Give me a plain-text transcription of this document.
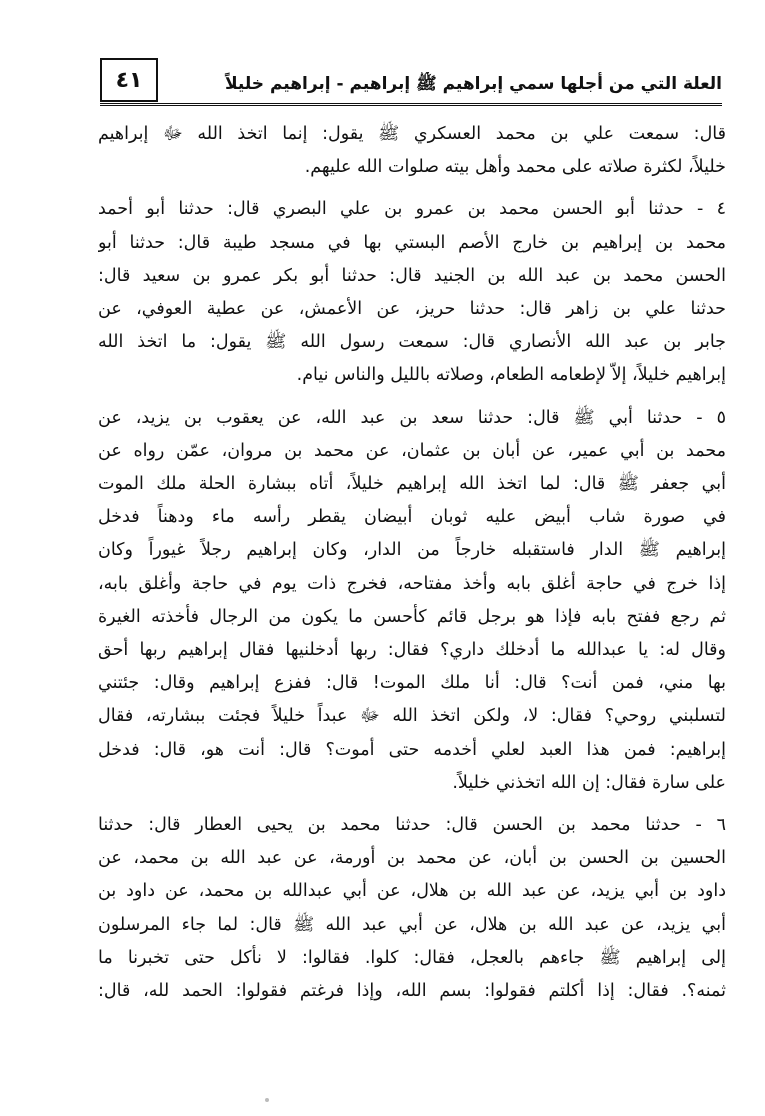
العلة التي من أجلها سمي إبراهيم ﷺ إبراهيم - إبراهيم خليلاً
٤١

قال: سمعت علي بن محمد العسكري ﷺ يقول: إنما اتخذ الله ﷻ إبراهيم
خليلاً، لكثرة صلاته على محمد وأهل بيته صلوات الله عليهم.

٤ - حدثنا أبو الحسن محمد بن عمرو بن علي البصري قال: حدثنا أبو أحمد
محمد بن إبراهيم بن خارج الأصم البستي بها في مسجد طيبة قال: حدثنا أبو
الحسن محمد بن عبد الله بن الجنيد قال: حدثنا أبو بكر عمرو بن سعيد قال:
حدثنا علي بن زاهر قال: حدثنا حريز، عن الأعمش، عن عطية العوفي، عن
جابر بن عبد الله الأنصاري قال: سمعت رسول الله ﷺ يقول: ما اتخذ الله
إبراهيم خليلاً، إلاّ لإطعامه الطعام، وصلاته بالليل والناس نيام.

٥ - حدثنا أبي ﷺ قال: حدثنا سعد بن عبد الله، عن يعقوب بن يزيد، عن
محمد بن أبي عمير، عن أبان بن عثمان، عن محمد بن مروان، عمّن رواه عن
أبي جعفر ﷺ قال: لما اتخذ الله إبراهيم خليلاً، أتاه ببشارة الحلة ملك الموت
في صورة شاب أبيض عليه ثوبان أبيضان يقطر رأسه ماء ودهناً فدخل
إبراهيم ﷺ الدار فاستقبله خارجاً من الدار، وكان إبراهيم رجلاً غيوراً وكان
إذا خرج في حاجة أغلق بابه وأخذ مفتاحه، فخرج ذات يوم في حاجة وأغلق بابه،
ثم رجع ففتح بابه فإذا هو برجل قائم كأحسن ما يكون من الرجال فأخذته الغيرة
وقال له: يا عبدالله ما أدخلك داري؟ فقال: ربها أدخلنيها فقال إبراهيم ربها أحق
بها مني، فمن أنت؟ قال: أنا ملك الموت! قال: ففزع إبراهيم وقال: جئتني
لتسلبني روحي؟ فقال: لا، ولكن اتخذ الله ﷻ عبداً خليلاً فجئت ببشارته، فقال
إبراهيم: فمن هذا العبد لعلي أخدمه حتى أموت؟ قال: أنت هو، قال: فدخل
على سارة فقال: إن الله اتخذني خليلاً.

٦ - حدثنا محمد بن الحسن قال: حدثنا محمد بن يحيى العطار قال: حدثنا
الحسين بن الحسن بن أبان، عن محمد بن أورمة، عن عبد الله بن محمد، عن
داود بن أبي يزيد، عن عبد الله بن هلال، عن أبي عبدالله بن محمد، عن داود بن
أبي يزيد، عن عبد الله بن هلال، عن أبي عبد الله ﷺ قال: لما جاء المرسلون
إلى إبراهيم ﷺ جاءهم بالعجل، فقال: كلوا. فقالوا: لا نأكل حتى تخبرنا ما
ثمنه؟. فقال: إذا أكلتم فقولوا: بسم الله، وإذا فرغتم فقولوا: الحمد لله، قال:
